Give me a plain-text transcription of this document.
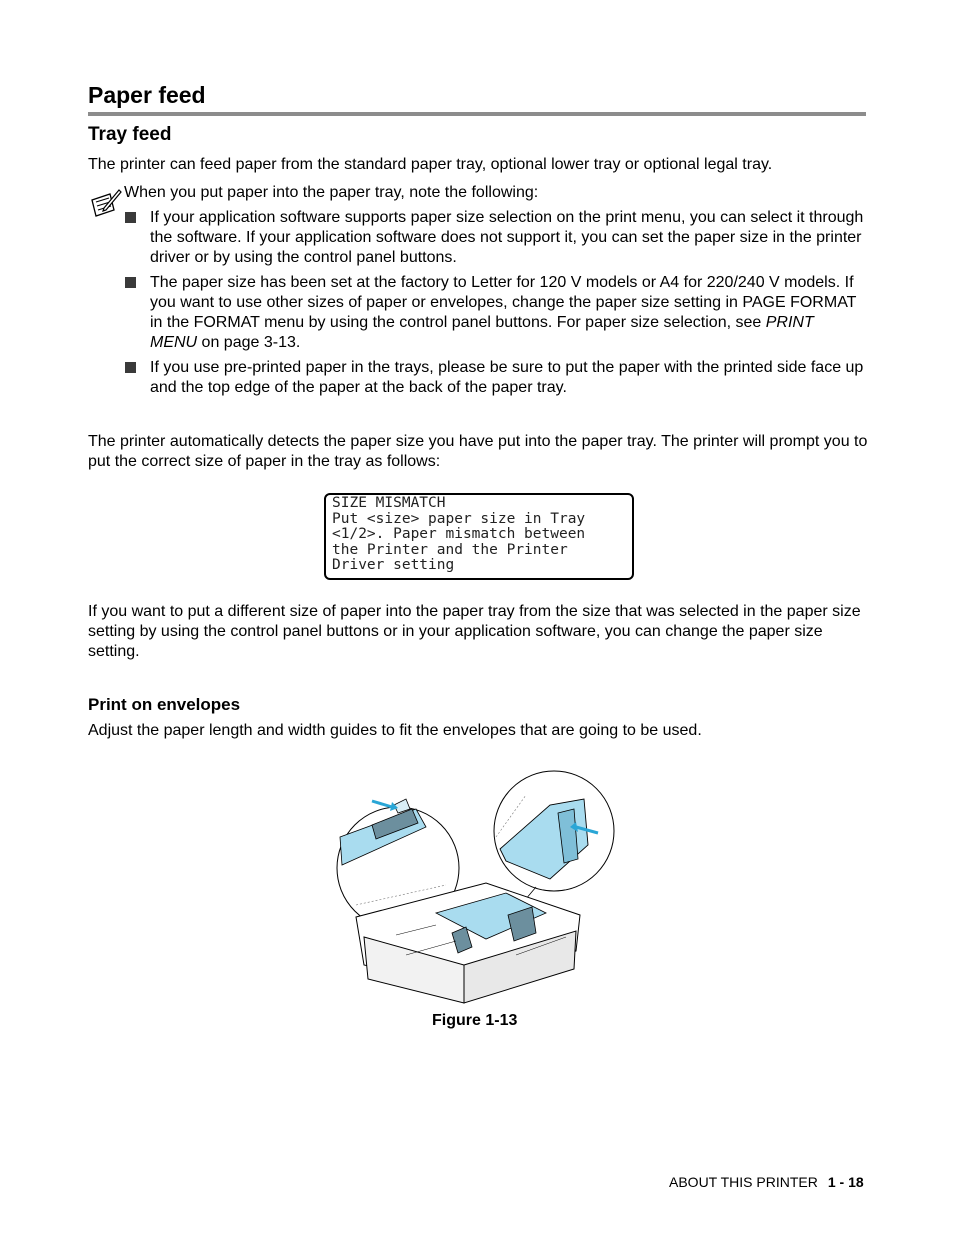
Paper feed
Tray feed
The printer can feed paper from the standard paper tray, optional lower tray or optional legal tray.
When you put paper into the paper tray, note the following:
If your application software supports paper size selection on the print menu, you can select it through the software. If your application software does not support it, you can set the paper size in the printer driver or by using the control panel buttons.
The paper size has been set at the factory to Letter for 120 V models or A4 for 220/240 V models. If you want to use other sizes of paper or envelopes, change the paper size setting in PAGE FORMAT in the FORMAT menu by using the control panel buttons. For paper size selection, see PRINT MENU on page 3-13.
If you use pre-printed paper in the trays, please be sure to put the paper with the printed side face up and the top edge of the paper at the back of the paper tray.
The printer automatically detects the paper size you have put into the paper tray. The printer will prompt you to put the correct size of paper in the tray as follows:
SIZE MISMATCH
Put <size> paper size in Tray
<1/2>. Paper mismatch between
the Printer and the Printer
Driver setting
If you want to put a different size of paper into the paper tray from the size that was selected in the paper size setting by using the control panel buttons or in your application software, you can change the paper size setting.
Print on envelopes
Adjust the paper length and width guides to fit the envelopes that are going to be used.
Figure 1-13
ABOUT THIS PRINTER 1 - 18
